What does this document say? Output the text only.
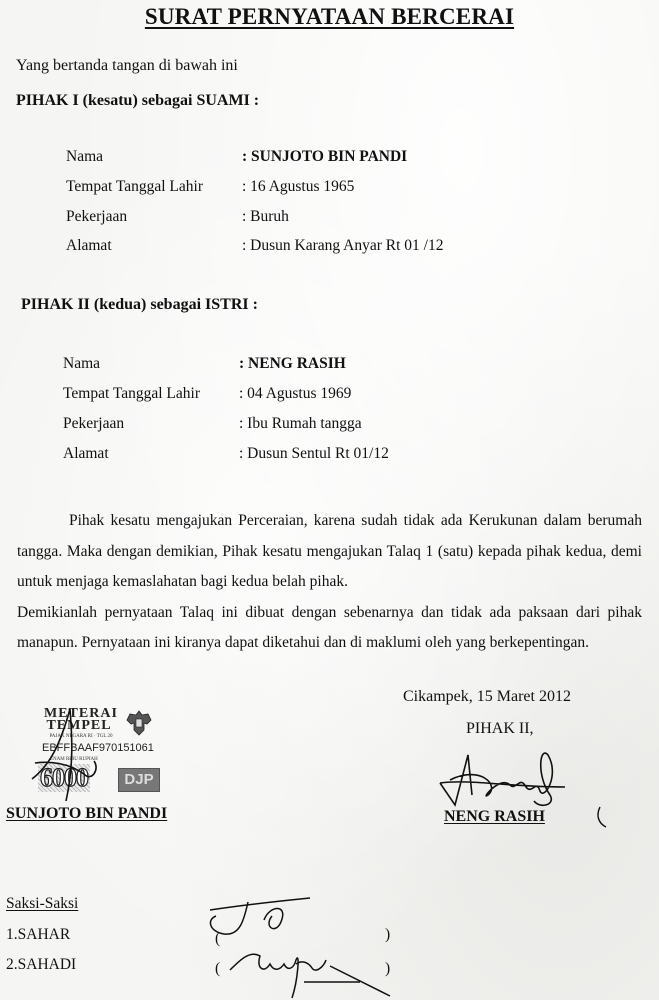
SURAT PERNYATAAN BERCERAI
Yang bertanda tangan di bawah ini
PIHAK I (kesatu) sebagai SUAMI :
Nama	: SUNJOTO BIN PANDI
Tempat Tanggal Lahir	: 16 Agustus 1965
Pekerjaan	: Buruh
Alamat	: Dusun Karang Anyar Rt 01 /12
PIHAK II (kedua) sebagai ISTRI :
Nama	: NENG RASIH
Tempat Tanggal Lahir	: 04 Agustus 1969
Pekerjaan	: Ibu Rumah tangga
Alamat	: Dusun Sentul Rt 01/12

Pihak kesatu mengajukan Perceraian, karena sudah tidak ada Kerukunan dalam berumah tangga. Maka dengan demikian, Pihak kesatu mengajukan Talaq 1 (satu) kepada pihak kedua, demi untuk menjaga kemaslahatan bagi kedua belah pihak.

Demikianlah pernyataan Talaq ini dibuat dengan sebenarnya dan tidak ada paksaan dari pihak manapun. Pernyataan ini kiranya dapat diketahui dan di maklumi oleh yang berkepentingan.

Cikampek, 15 Maret 2012
PIHAK II,
METERAI
TEMPEL
PAJAK NEGARA RI · TGL 20
EBFFBAAF970151061
ENAM RIBU RUPIAH
6000	DJP
SUNJOTO BIN PANDI	NENG RASIH
Saksi-Saksi
1.SAHAR
2.SAHADI
(	)
(	)
